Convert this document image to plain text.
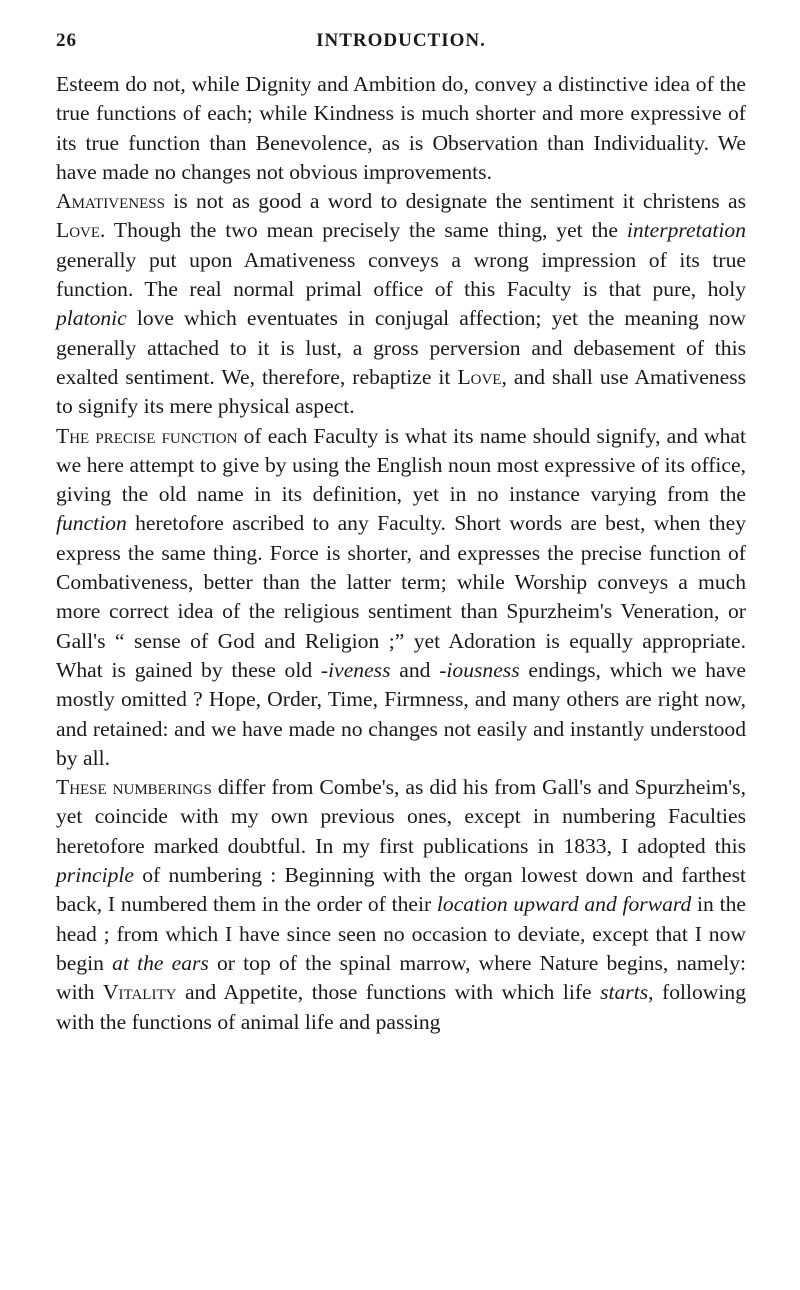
26	INTRODUCTION.

Esteem do not, while Dignity and Ambition do, convey a distinctive idea of the true functions of each; while Kindness is much shorter and more expressive of its true function than Benevolence, as is Observation than Individuality. We have made no changes not obvious improvements.

Amativeness is not as good a word to designate the sentiment it christens as Love. Though the two mean precisely the same thing, yet the interpretation generally put upon Amativeness conveys a wrong impression of its true function. The real normal primal office of this Faculty is that pure, holy platonic love which eventuates in conjugal affection; yet the meaning now generally attached to it is lust, a gross perversion and debasement of this exalted sentiment. We, therefore, rebaptize it Love, and shall use Amativeness to signify its mere physical aspect.

The precise function of each Faculty is what its name should signify, and what we here attempt to give by using the English noun most expressive of its office, giving the old name in its definition, yet in no instance varying from the function heretofore ascribed to any Faculty. Short words are best, when they express the same thing. Force is shorter, and expresses the precise function of Combativeness, better than the latter term; while Worship conveys a much more correct idea of the religious sentiment than Spurzheim's Veneration, or Gall's “ sense of God and Religion ;” yet Adoration is equally appropriate. What is gained by these old -iveness and -iousness endings, which we have mostly omitted ? Hope, Order, Time, Firmness, and many others are right now, and retained: and we have made no changes not easily and instantly understood by all.

These numberings differ from Combe's, as did his from Gall's and Spurzheim's, yet coincide with my own previous ones, except in numbering Faculties heretofore marked doubtful. In my first publications in 1833, I adopted this principle of numbering : Beginning with the organ lowest down and farthest back, I numbered them in the order of their location upward and forward in the head ; from which I have since seen no occasion to deviate, except that I now begin at the ears or top of the spinal marrow, where Nature begins, namely: with Vitality and Appetite, those functions with which life starts, following with the functions of animal life and passing
